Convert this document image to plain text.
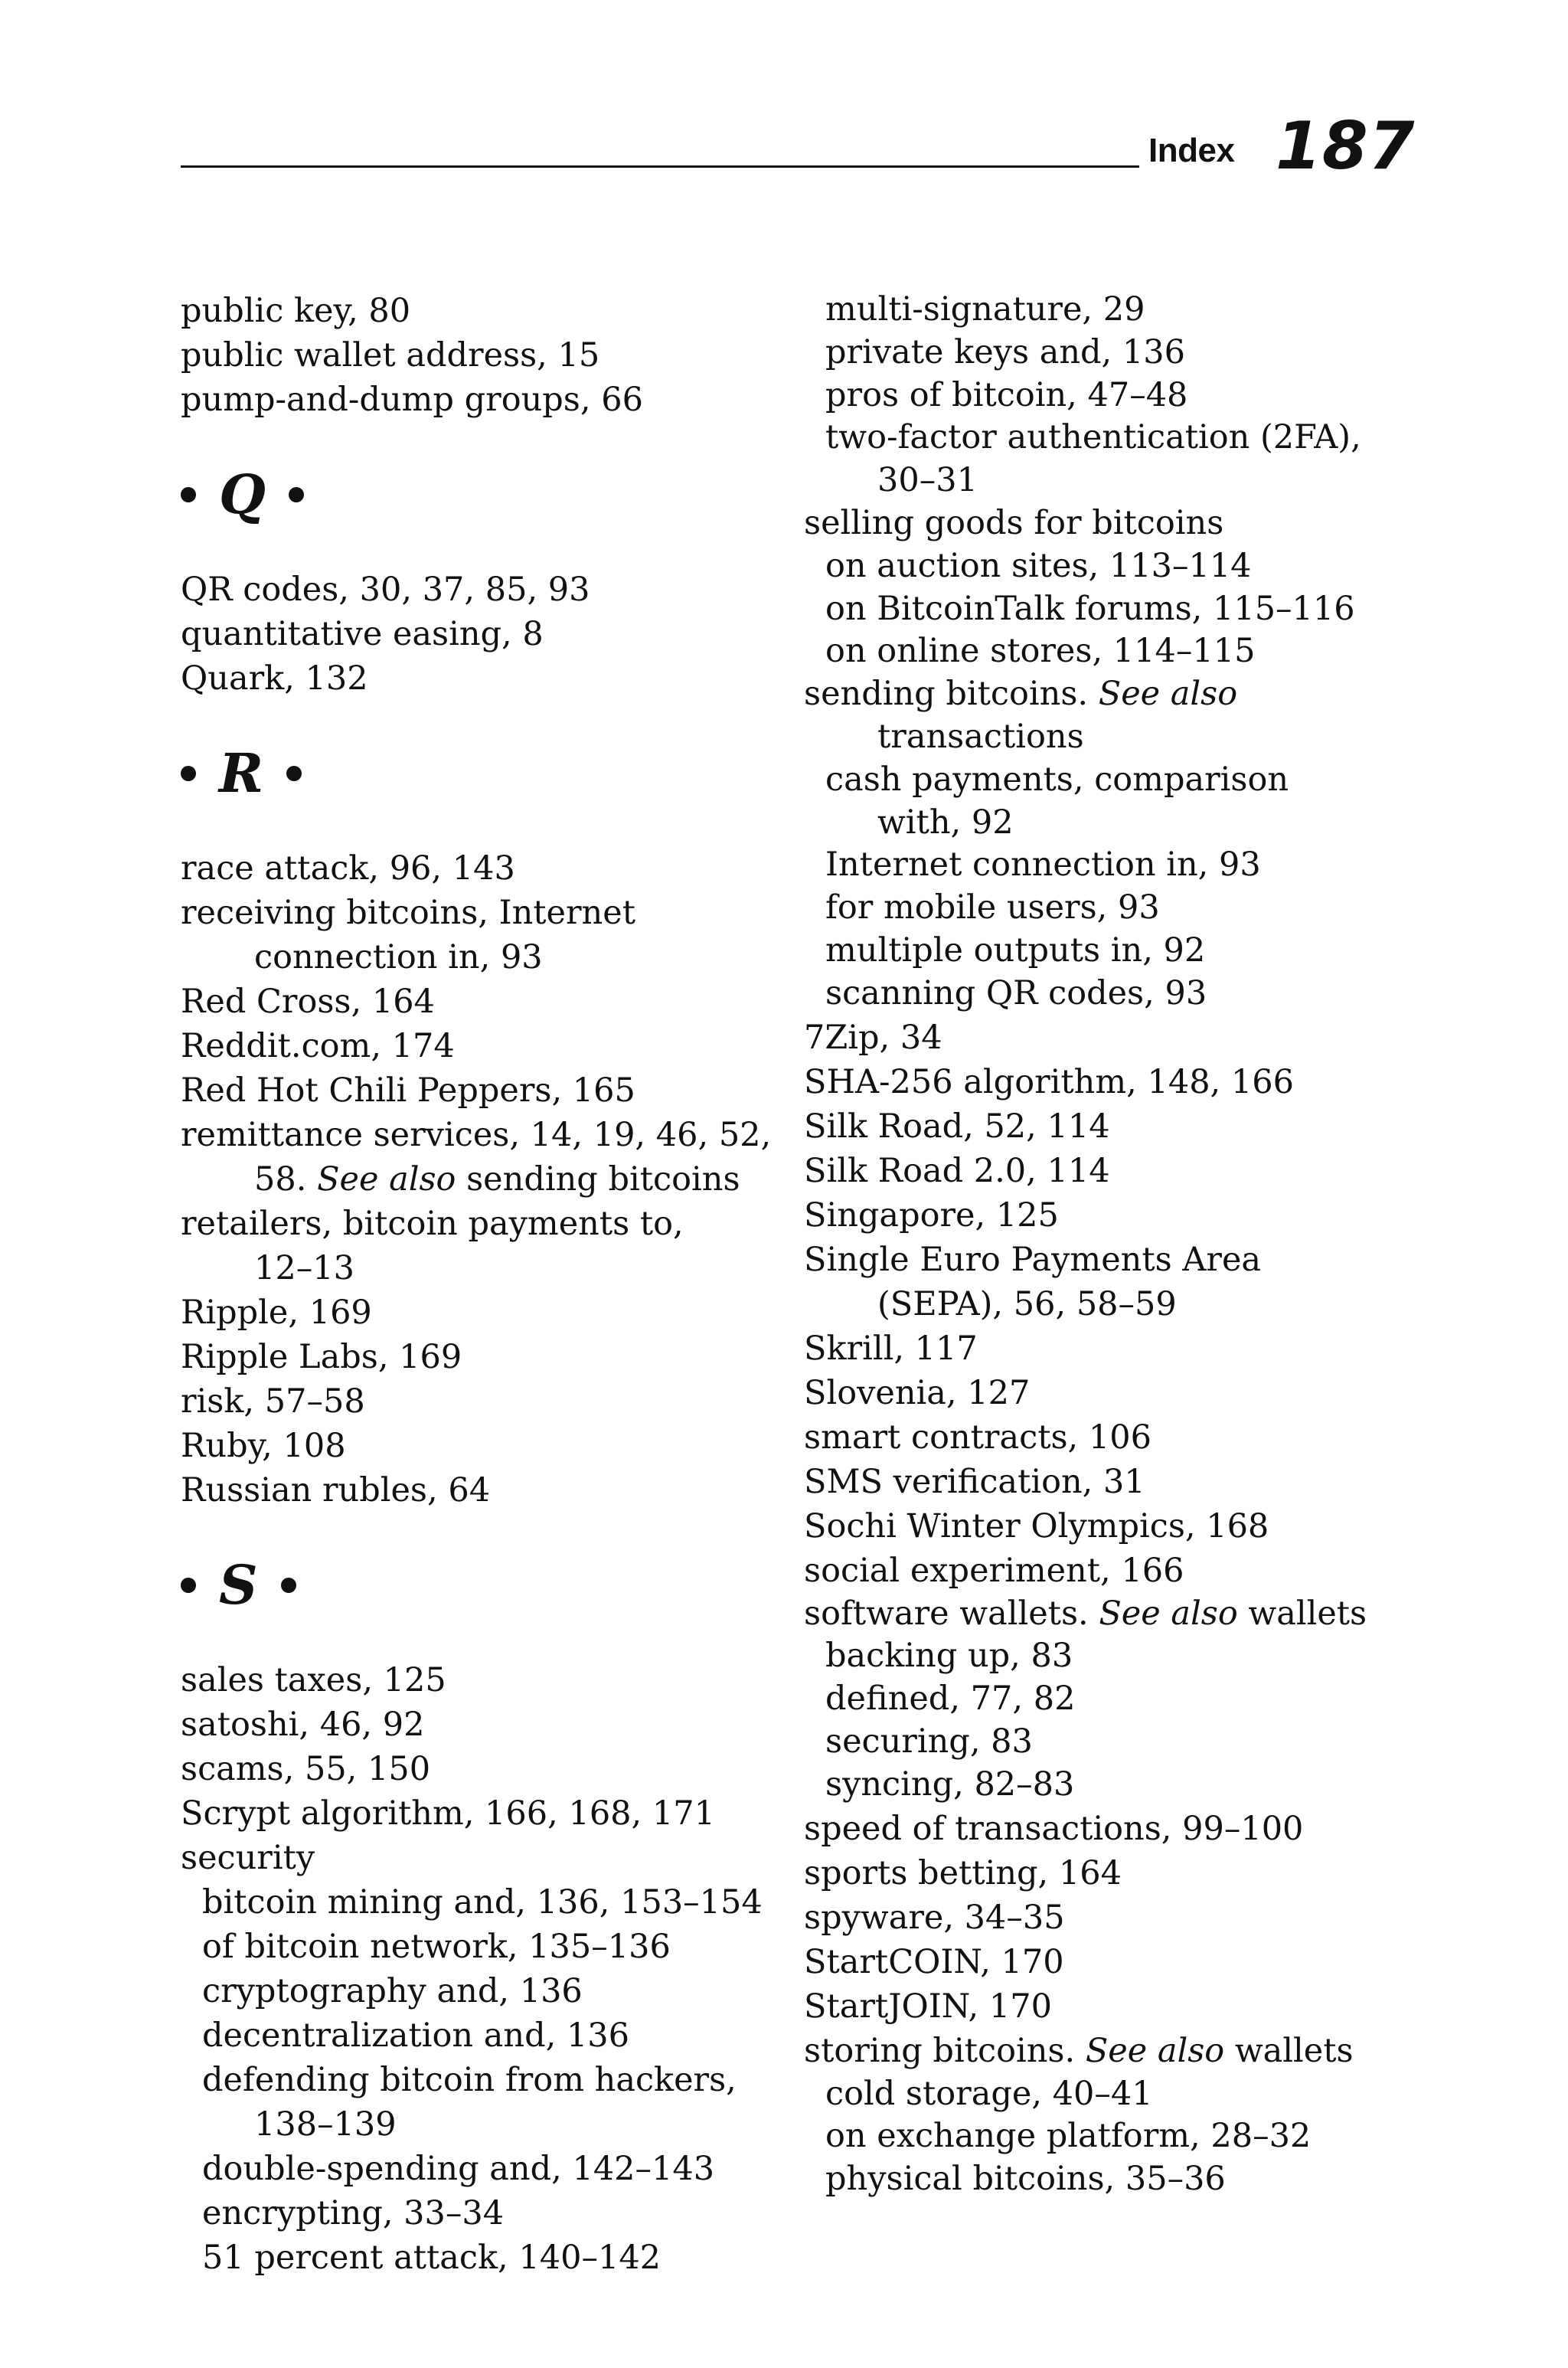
Index 187
public key, 80
public wallet address, 15
pump-and-dump groups, 66
Q
QR codes, 30, 37, 85, 93
quantitative easing, 8
Quark, 132
R
race attack, 96, 143
receiving bitcoins, Internet
connection in, 93
Red Cross, 164
Reddit.com, 174
Red Hot Chili Peppers, 165
remittance services, 14, 19, 46, 52,
58. See also sending bitcoins
retailers, bitcoin payments to,
12–13
Ripple, 169
Ripple Labs, 169
risk, 57–58
Ruby, 108
Russian rubles, 64
S
sales taxes, 125
satoshi, 46, 92
scams, 55, 150
Scrypt algorithm, 166, 168, 171
security
bitcoin mining and, 136, 153–154
of bitcoin network, 135–136
cryptography and, 136
decentralization and, 136
defending bitcoin from hackers,
138–139
double-spending and, 142–143
encrypting, 33–34
51 percent attack, 140–142
multi-signature, 29
private keys and, 136
pros of bitcoin, 47–48
two-factor authentication (2FA),
30–31
selling goods for bitcoins
on auction sites, 113–114
on BitcoinTalk forums, 115–116
on online stores, 114–115
sending bitcoins. See also
transactions
cash payments, comparison
with, 92
Internet connection in, 93
for mobile users, 93
multiple outputs in, 92
scanning QR codes, 93
7Zip, 34
SHA-256 algorithm, 148, 166
Silk Road, 52, 114
Silk Road 2.0, 114
Singapore, 125
Single Euro Payments Area
(SEPA), 56, 58–59
Skrill, 117
Slovenia, 127
smart contracts, 106
SMS verification, 31
Sochi Winter Olympics, 168
social experiment, 166
software wallets. See also wallets
backing up, 83
defined, 77, 82
securing, 83
syncing, 82–83
speed of transactions, 99–100
sports betting, 164
spyware, 34–35
StartCOIN, 170
StartJOIN, 170
storing bitcoins. See also wallets
cold storage, 40–41
on exchange platform, 28–32
physical bitcoins, 35–36
